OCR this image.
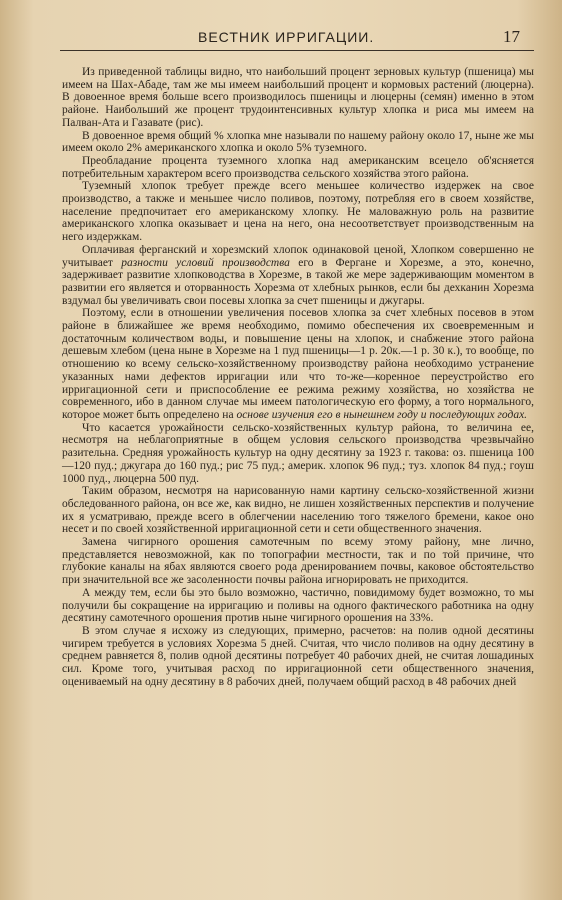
ВЕСТНИК ИРРИГАЦИИ.	17

Из приведенной таблицы видно, что наибольший процент зерновых культур (пшеница) мы имеем на Шах-Абаде, там же мы имеем наибольший процент и кормовых растений (люцерна). В довоенное время больше всего производилось пшеницы и люцерны (семян) именно в этом районе. Наибольший же процент трудоинтенсивных культур хлопка и риса мы имеем на Палван-Ата и Газавате (рис).

В довоенное время общий % хлопка мне называли по нашему району около 17, ныне же мы имеем около 2% американского хлопка и около 5% туземного.

Преобладание процента туземного хлопка над американским всецело об'ясняется потребительным характером всего производства сельского хозяйства этого района.

Туземный хлопок требует прежде всего меньшее количество издержек на свое производство, а также и меньшее число поливов, поэтому, потребляя его в своем хозяйстве, население предпочитает его американскому хлопку. Не маловажную роль на развитие американского хлопка оказывает и цена на него, она несоответствует производственным на него издержкам.

Оплачивая ферганский и хорезмский хлопок одинаковой ценой, Хлопком совершенно не учитывает разности условий производства его в Фергане и Хорезме, а это, конечно, задерживает развитие хлопководства в Хорезме, в такой же мере задерживающим моментом в развитии его является и оторванность Хорезма от хлебных рынков, если бы дехканин Хорезма вздумал бы увеличивать свои посевы хлопка за счет пшеницы и джугары.

Поэтому, если в отношении увеличения посевов хлопка за счет хлебных посевов в этом районе в ближайшее же время необходимо, помимо обеспечения их своевременным и достаточным количеством воды, и повышение цены на хлопок, и снабжение этого района дешевым хлебом (цена ныне в Хорезме на 1 пуд пшеницы—1 р. 20к.—1 р. 30 к.), то вообще, по отношению ко всему сельско-хозяйственному производству района необходимо устранение указанных нами дефектов ирригации или что то-же—коренное переустройство его ирригационной сети и приспособление ее режима режиму хозяйства, но хозяйства не современного, ибо в данном случае мы имеем патологическую его форму, а того нормального, которое может быть определено на основе изучения его в нынешнем году и последующих годах.

Что касается урожайности сельско-хозяйственных культур района, то величина ее, несмотря на неблагоприятные в общем условия сельского производства чрезвычайно разительна. Средняя урожайность культур на одну десятину за 1923 г. такова: оз. пшеница 100—120 пуд.; джугара до 160 пуд.; рис 75 пуд.; америк. хлопок 96 пуд.; туз. хлопок 84 пуд.; гоуш 1000 пуд., люцерна 500 пуд.

Таким образом, несмотря на нарисованную нами картину сельско-хозяйственной жизни обследованного района, он все же, как видно, не лишен хозяйственных перспектив и получение их я усматриваю, прежде всего в облегчении населению того тяжелого бремени, какое оно несет и по своей хозяйственной ирригационной сети и сети общественного значения.

Замена чигирного орошения самотечным по всему этому району, мне лично, представляется невозможной, как по топографии местности, так и по той причине, что глубокие каналы на ябах являются своего рода дренированием почвы, каковое обстоятельство при значительной все же засоленности почвы района игнорировать не приходится.

А между тем, если бы это было возможно, частично, повидимому будет возможно, то мы получили бы сокращение на ирригацию и поливы на одного фактического работника на одну десятину самотечного орошения против ныне чигирного орошения на 33%.

В этом случае я исхожу из следующих, примерно, расчетов: на полив одной десятины чигирем требуется в условиях Хорезма 5 дней. Считая, что число поливов на одну десятину в среднем равняется 8, полив одной десятины потребует 40 рабочих дней, не считая лошадиных сил. Кроме того, учитывая расход по ирригационной сети общественного значения, оцениваемый на одну десятину в 8 рабочих дней, получаем общий расход в 48 рабочих дней
